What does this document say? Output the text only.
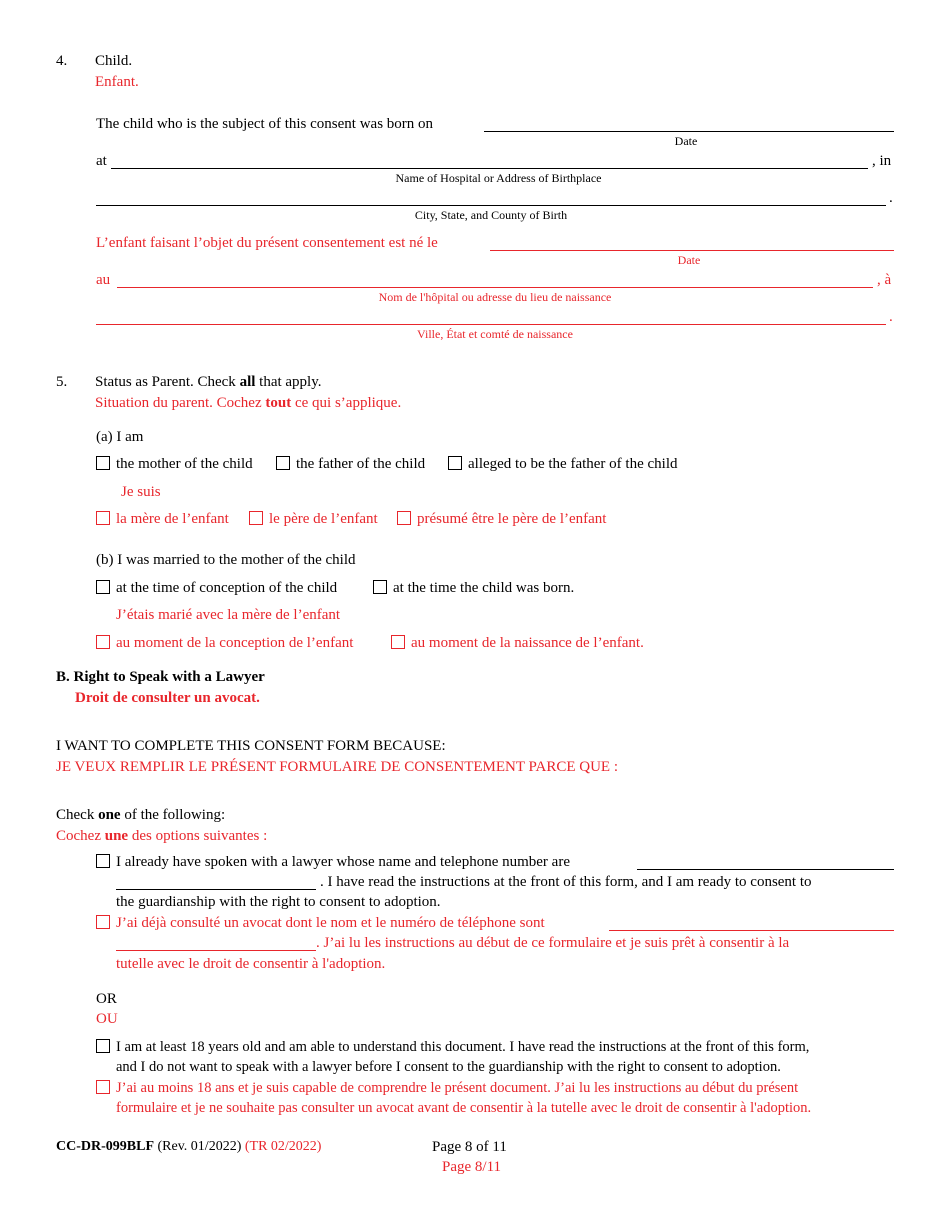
4. Child.
Enfant.
The child who is the subject of this consent was born on
Date
at	, in
Name of Hospital or Address of Birthplace
.
City, State, and County of Birth
L’enfant faisant l’objet du présent consentement est né le
Date
au	, à
Nom de l'hôpital ou adresse du lieu de naissance
.
Ville, État et comté de naissance
5. Status as Parent. Check all that apply.
Situation du parent. Cochez tout ce qui s’applique.
(a) I am
the mother of the child	the father of the child	alleged to be the father of the child
Je suis
la mère de l’enfant	le père de l’enfant	présumé être le père de l’enfant
(b) I was married to the mother of the child
at the time of conception of the child	at the time the child was born.
J’étais marié avec la mère de l’enfant
au moment de la conception de l’enfant	au moment de la naissance de l’enfant.
B. Right to Speak with a Lawyer
Droit de consulter un avocat.
I WANT TO COMPLETE THIS CONSENT FORM BECAUSE:
JE VEUX REMPLIR LE PRÉSENT FORMULAIRE DE CONSENTEMENT PARCE QUE :
Check one of the following:
Cochez une des options suivantes :
I already have spoken with a lawyer whose name and telephone number are
. I have read the instructions at the front of this form, and I am ready to consent to
the guardianship with the right to consent to adoption.
J’ai déjà consulté un avocat dont le nom et le numéro de téléphone sont
. J’ai lu les instructions au début de ce formulaire et je suis prêt à consentir à la
tutelle avec le droit de consentir à l'adoption.
OR
OU
I am at least 18 years old and am able to understand this document. I have read the instructions at the front of this form,
and I do not want to speak with a lawyer before I consent to the guardianship with the right to consent to adoption.
J’ai au moins 18 ans et je suis capable de comprendre le présent document. J’ai lu les instructions au début du présent
formulaire et je ne souhaite pas consulter un avocat avant de consentir à la tutelle avec le droit de consentir à l'adoption.
CC-DR-099BLF (Rev. 01/2022) (TR 02/2022)	Page 8 of 11
Page 8/11
